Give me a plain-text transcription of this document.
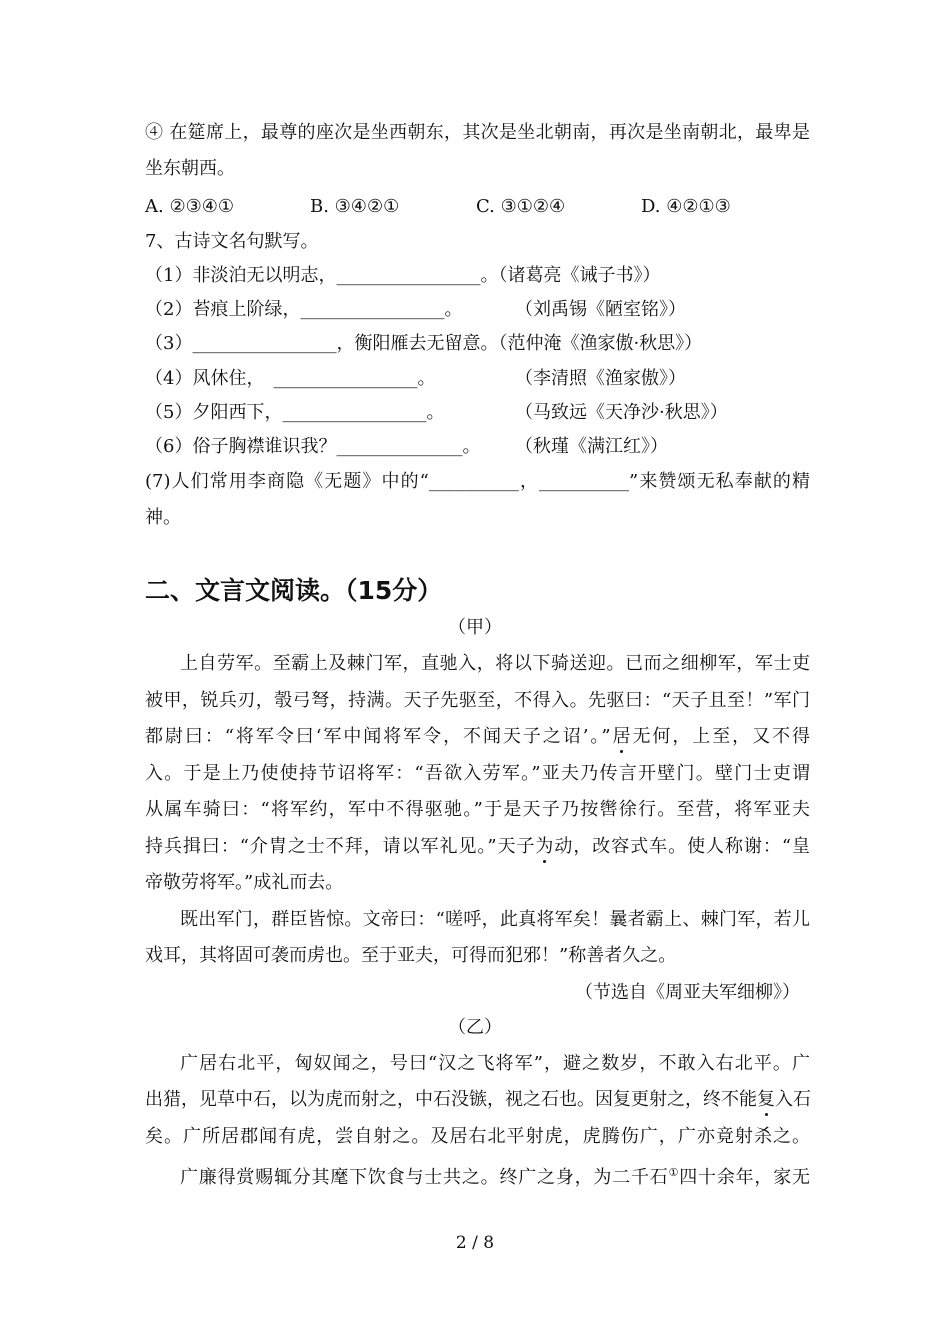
④ 在筵席上，最尊的座次是坐西朝东，其次是坐北朝南，再次是坐南朝北，最卑是
坐东朝西。
A. ②③④①	B. ③④②①	C. ③①②④	D. ④②①③
7、古诗文名句默写。
（1）非淡泊无以明志，________________。（诸葛亮《诫子书》）
（2）苔痕上阶绿，________________。	（刘禹锡《陋室铭》）
（3）________________，衡阳雁去无留意。（范仲淹《渔家傲·秋思》）
（4）风休住，　________________。	（李清照《渔家傲》）
（5）夕阳西下，________________。	（马致远《天净沙·秋思》）
（6）俗子胸襟谁识我？______________。	（秋瑾《满江红》）
(7)人们常用李商隐《无题》中的“__________，__________”来赞颂无私奉献的精
神。
二、文言文阅读。（15分）
（甲）
上自劳军。至霸上及棘门军，直驰入，将以下骑送迎。已而之细柳军，军士吏
被甲，锐兵刃，彀弓弩，持满。天子先驱至，不得入。先驱曰：“天子且至！”军门
都尉曰：“将军令曰‘军中闻将军令，不闻天子之诏’。”居无何，上至，又不得
入。于是上乃使使持节诏将军：“吾欲入劳军。”亚夫乃传言开壁门。壁门士吏谓
从属车骑曰：“将军约，军中不得驱驰。”于是天子乃按辔徐行。至营，将军亚夫
持兵揖曰：“介胄之士不拜，请以军礼见。”天子为动，改容式车。使人称谢：“皇
帝敬劳将军。”成礼而去。
既出军门，群臣皆惊。文帝曰：“嗟呼，此真将军矣！曩者霸上、棘门军，若儿
戏耳，其将固可袭而虏也。至于亚夫，可得而犯邪！”称善者久之。
（节选自《周亚夫军细柳》）
（乙）
广居右北平，匈奴闻之，号曰“汉之飞将军”，避之数岁，不敢入右北平。广
出猎，见草中石，以为虎而射之，中石没镞，视之石也。因复更射之，终不能复入石
矣。广所居郡闻有虎，尝自射之。及居右北平射虎，虎腾伤广，广亦竟射杀之。
广廉得赏赐辄分其麾下饮食与士共之。终广之身，为二千石①四十余年，家无
2 / 8
